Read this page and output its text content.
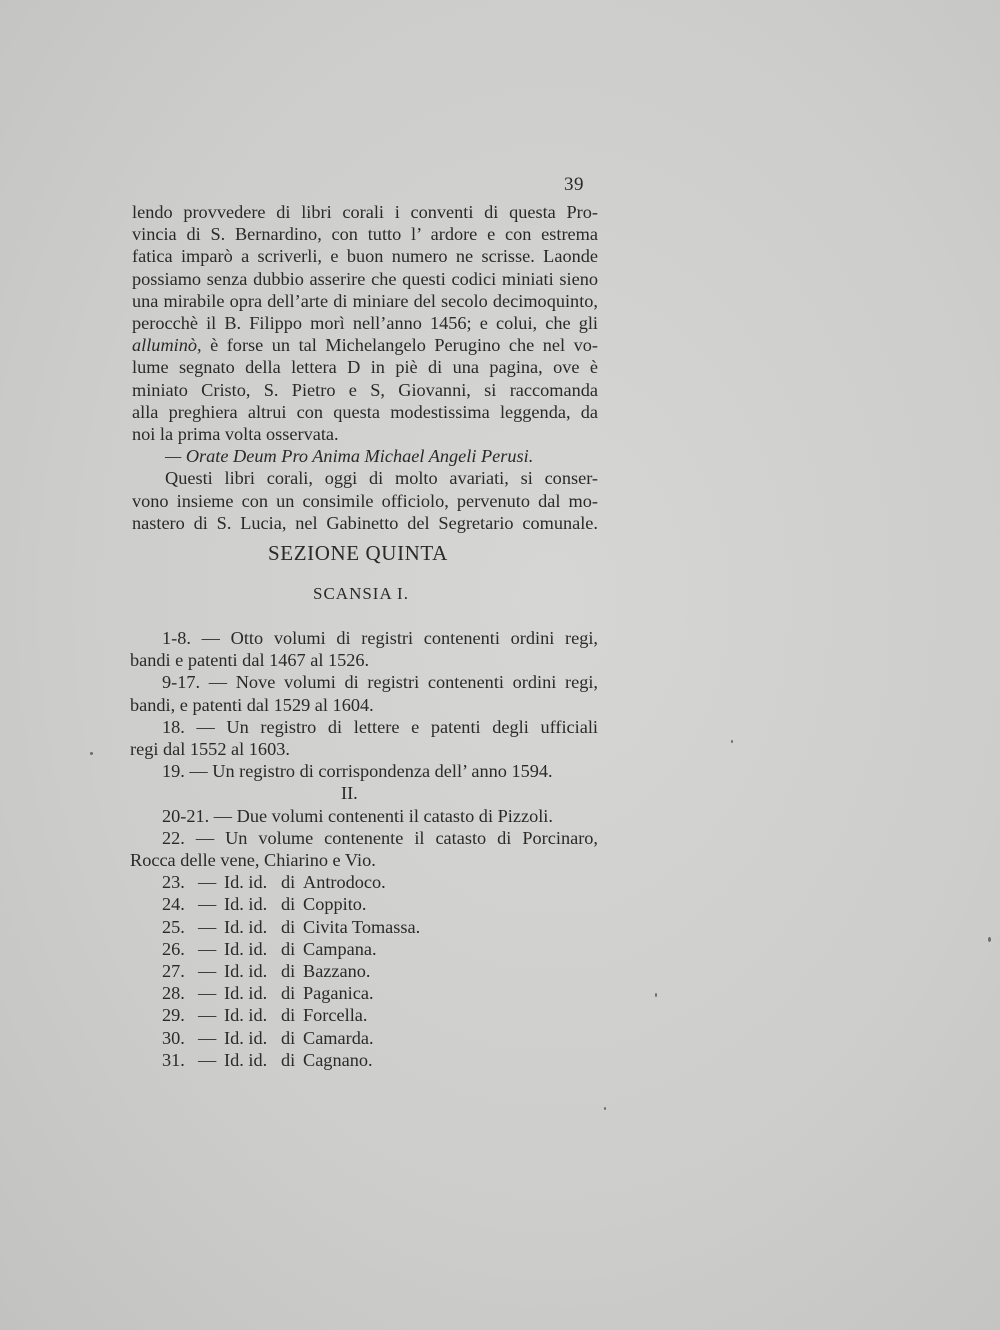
39
lendo provvedere di libri corali i conventi di questa Pro-
vincia di S. Bernardino, con tutto l’ ardore e con estrema
fatica imparò a scriverli, e buon numero ne scrisse. Laonde
possiamo senza dubbio asserire che questi codici miniati sieno
una mirabile opra dell’arte di miniare del secolo decimoquinto,
perocchè il B. Filippo morì nell’anno 1456; e colui, che gli
alluminò, è forse un tal Michelangelo Perugino che nel vo-
lume segnato della lettera D in piè di una pagina, ove è
miniato Cristo, S. Pietro e S, Giovanni, si raccomanda
alla preghiera altrui con questa modestissima leggenda, da
noi la prima volta osservata.
— Orate Deum Pro Anima Michael Angeli Perusi.
Questi libri corali, oggi di molto avariati, si conser-
vono insieme con un consimile officiolo, pervenuto dal mo-
nastero di S. Lucia, nel Gabinetto del Segretario comunale.
SEZIONE QUINTA
SCANSIA I.
1-8. — Otto volumi di registri contenenti ordini regi,
bandi e patenti dal 1467 al 1526.
9-17. — Nove volumi di registri contenenti ordini regi,
bandi, e patenti dal 1529 al 1604.
18. — Un registro di lettere e patenti degli ufficiali
regi dal 1552 al 1603.
19. — Un registro di corrispondenza dell’ anno 1594.
II.
20-21. — Due volumi contenenti il catasto di Pizzoli.
22. — Un volume contenente il catasto di Porcinaro,
Rocca delle vene, Chiarino e Vio.
23. — Id. id. di Antrodoco.
24. — Id. id. di Coppito.
25. — Id. id. di Civita Tomassa.
26. — Id. id. di Campana.
27. — Id. id. di Bazzano.
28. — Id. id. di Paganica.
29. — Id. id. di Forcella.
30. — Id. id. di Camarda.
31. — Id. id. di Cagnano.
